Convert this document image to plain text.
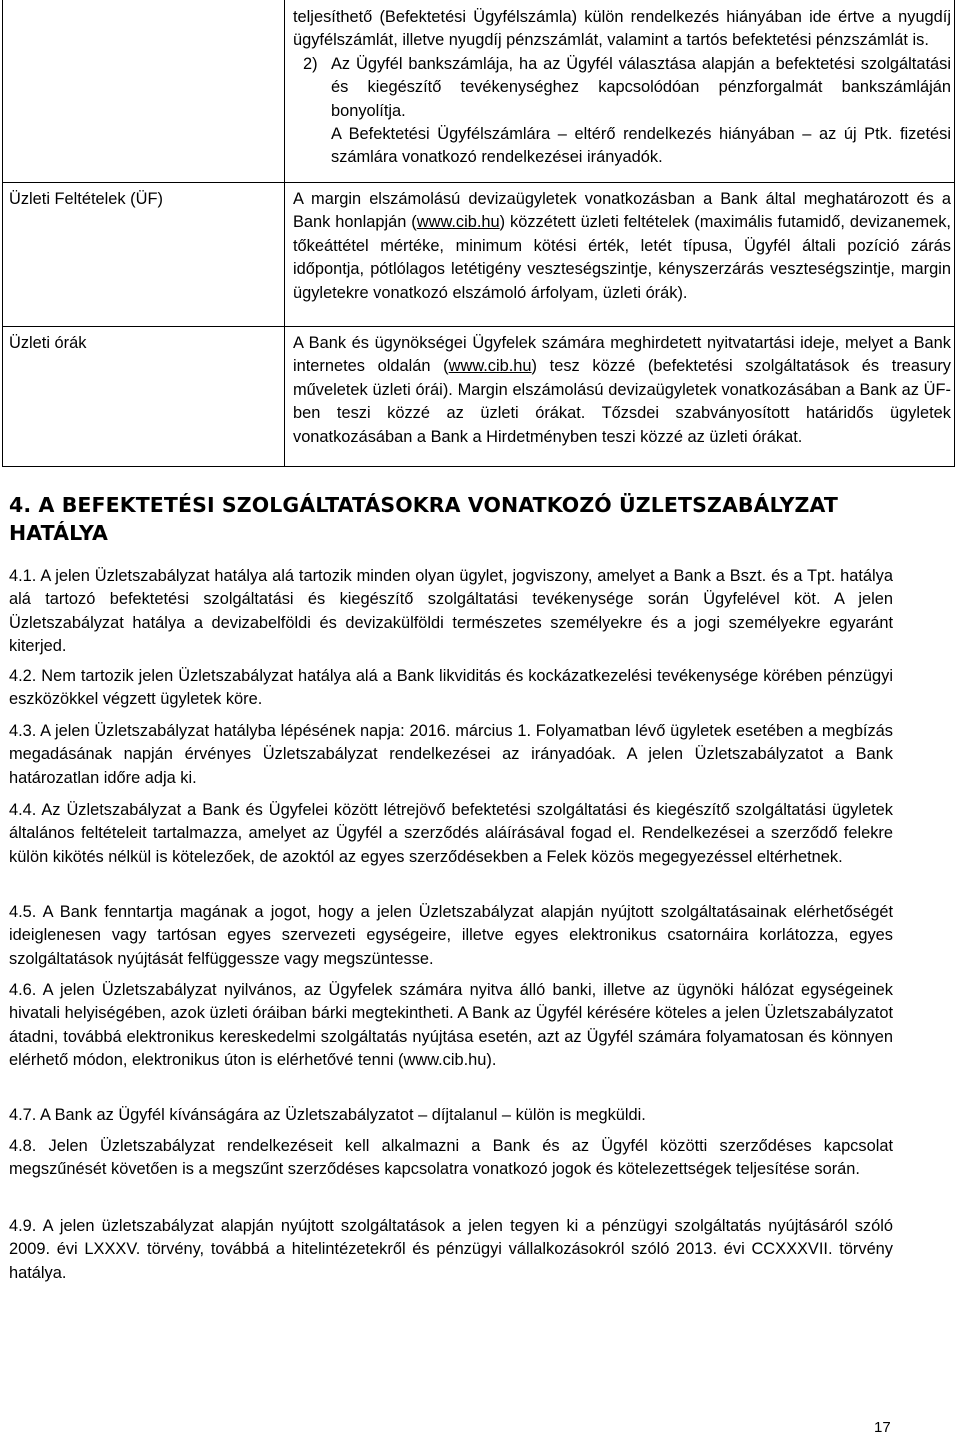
teljesíthető (Befektetési Ügyfélszámla) külön rendelkezés hiányában ide értve a nyugdíj ügyfélszámlát, illetve nyugdíj pénzszámlát, valamint a tartós befektetési pénzszámlát is.

2) Az Ügyfél bankszámlája, ha az Ügyfél választása alapján a befektetési szolgáltatási és kiegészítő tevékenységhez kapcsolódóan pénzforgalmát bankszámláján bonyolítja.

A Befektetési Ügyfélszámlára – eltérő rendelkezés hiányában – az új Ptk. fizetési számlára vonatkozó rendelkezései irányadók.

Üzleti Feltételek (ÜF)	A margin elszámolású devizaügyletek vonatkozásban a Bank által meghatározott és a Bank honlapján (www.cib.hu) közzétett üzleti feltételek (maximális futamidő, devizanemek, tőkeáttétel mértéke, minimum kötési érték, letét típusa, Ügyfél általi pozíció zárás időpontja, pótlólagos letétigény veszteségszintje, kényszerzárás veszteségszintje, margin ügyletekre vonatkozó elszámoló árfolyam, üzleti órák).

Üzleti órák	A Bank és ügynökségei Ügyfelek számára meghirdetett nyitvatartási ideje, melyet a Bank internetes oldalán (www.cib.hu) tesz közzé (befektetési szolgáltatások és treasury műveletek üzleti órái). Margin elszámolású devizaügyletek vonatkozásában a Bank az ÜF-ben teszi közzé az üzleti órákat. Tőzsdei szabványosított határidős ügyletek vonatkozásában a Bank a Hirdetményben teszi közzé az üzleti órákat.

4. A BEFEKTETÉSI SZOLGÁLTATÁSOKRA VONATKOZÓ ÜZLETSZABÁLYZAT HATÁLYA

4.1. A jelen Üzletszabályzat hatálya alá tartozik minden olyan ügylet, jogviszony, amelyet a Bank a Bszt. és a Tpt. hatálya alá tartozó befektetési szolgáltatási és kiegészítő szolgáltatási tevékenysége során Ügyfelével köt. A jelen Üzletszabályzat hatálya a devizabelföldi és devizakülföldi természetes személyekre és a jogi személyekre egyaránt kiterjed.

4.2. Nem tartozik jelen Üzletszabályzat hatálya alá a Bank likviditás és kockázatkezelési tevékenysége körében pénzügyi eszközökkel végzett ügyletek köre.

4.3. A jelen Üzletszabályzat hatályba lépésének napja: 2016. március 1. Folyamatban lévő ügyletek esetében a megbízás megadásának napján érvényes Üzletszabályzat rendelkezései az irányadóak. A jelen Üzletszabályzatot a Bank határozatlan időre adja ki.

4.4. Az Üzletszabályzat a Bank és Ügyfelei között létrejövő befektetési szolgáltatási és kiegészítő szolgáltatási ügyletek általános feltételeit tartalmazza, amelyet az Ügyfél a szerződés aláírásával fogad el. Rendelkezései a szerződő felekre külön kikötés nélkül is kötelezőek, de azoktól az egyes szerződésekben a Felek közös megegyezéssel eltérhetnek.

4.5. A Bank fenntartja magának a jogot, hogy a jelen Üzletszabályzat alapján nyújtott szolgáltatásainak elérhetőségét ideiglenesen vagy tartósan egyes szervezeti egységeire, illetve egyes elektronikus csatornáira korlátozza, egyes szolgáltatások nyújtását felfüggessze vagy megszüntesse.

4.6. A jelen Üzletszabályzat nyilvános, az Ügyfelek számára nyitva álló banki, illetve az ügynöki hálózat egységeinek hivatali helyiségében, azok üzleti óráiban bárki megtekintheti. A Bank az Ügyfél kérésére köteles a jelen Üzletszabályzatot átadni, továbbá elektronikus kereskedelmi szolgáltatás nyújtása esetén, azt az Ügyfél számára folyamatosan és könnyen elérhető módon, elektronikus úton is elérhetővé tenni (www.cib.hu).

4.7. A Bank az Ügyfél kívánságára az Üzletszabályzatot – díjtalanul – külön is megküldi.

4.8. Jelen Üzletszabályzat rendelkezéseit kell alkalmazni a Bank és az Ügyfél közötti szerződéses kapcsolat megszűnését követően is a megszűnt szerződéses kapcsolatra vonatkozó jogok és kötelezettségek teljesítése során.

4.9. A jelen üzletszabályzat alapján nyújtott szolgáltatások a jelen tegyen ki a pénzügyi szolgáltatás nyújtásáról szóló 2009. évi LXXXV. törvény, továbbá a hitelintézetekről és pénzügyi vállalkozásokról szóló 2013. évi CCXXXVII. törvény hatálya.

17
